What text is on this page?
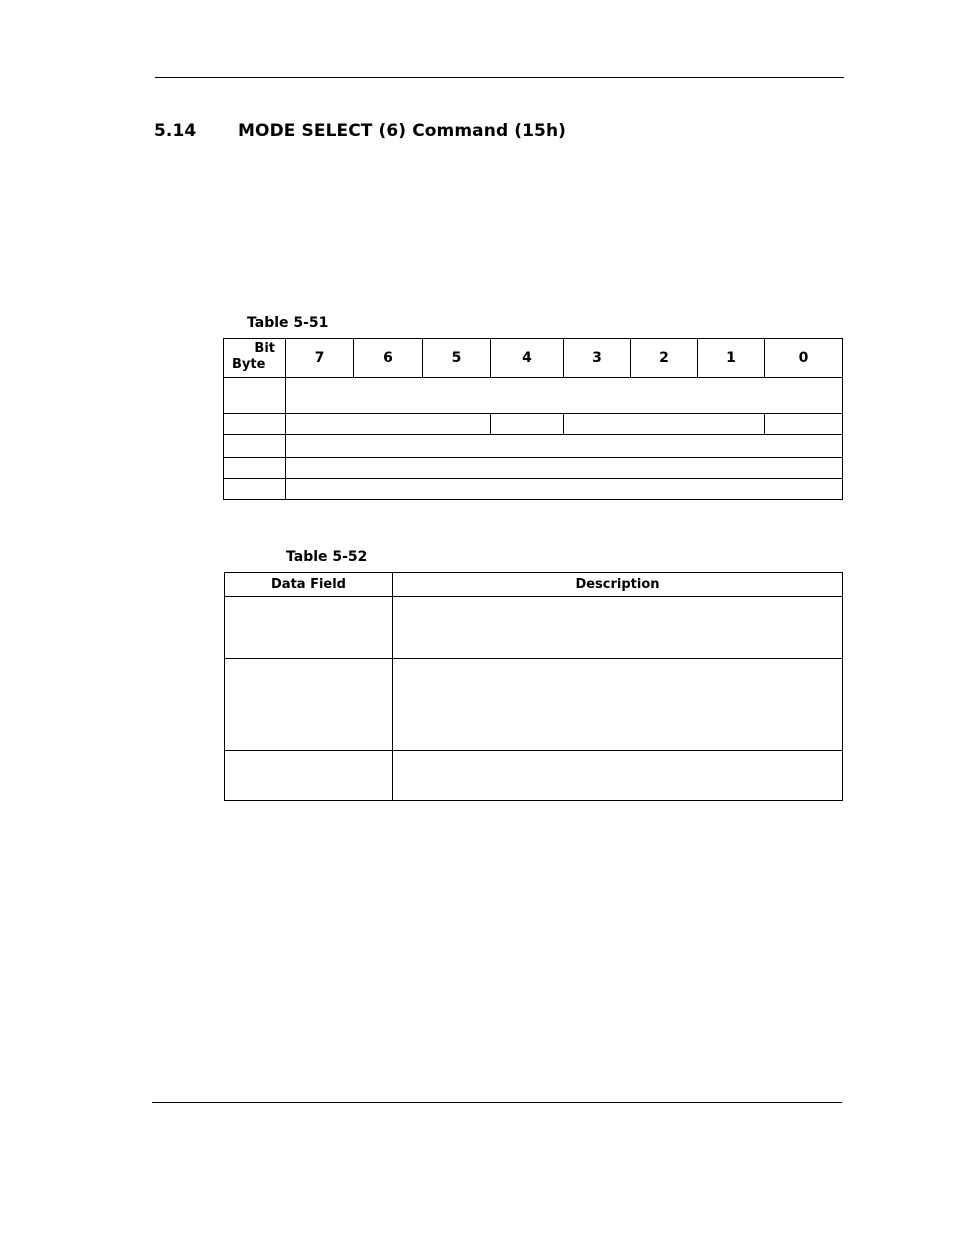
5.14 MODE SELECT (6) Command (15h)
Table 5-51
Bit
Byte	7	6	5	4	3	2	1	0

Table 5-52
Data Field	Description
